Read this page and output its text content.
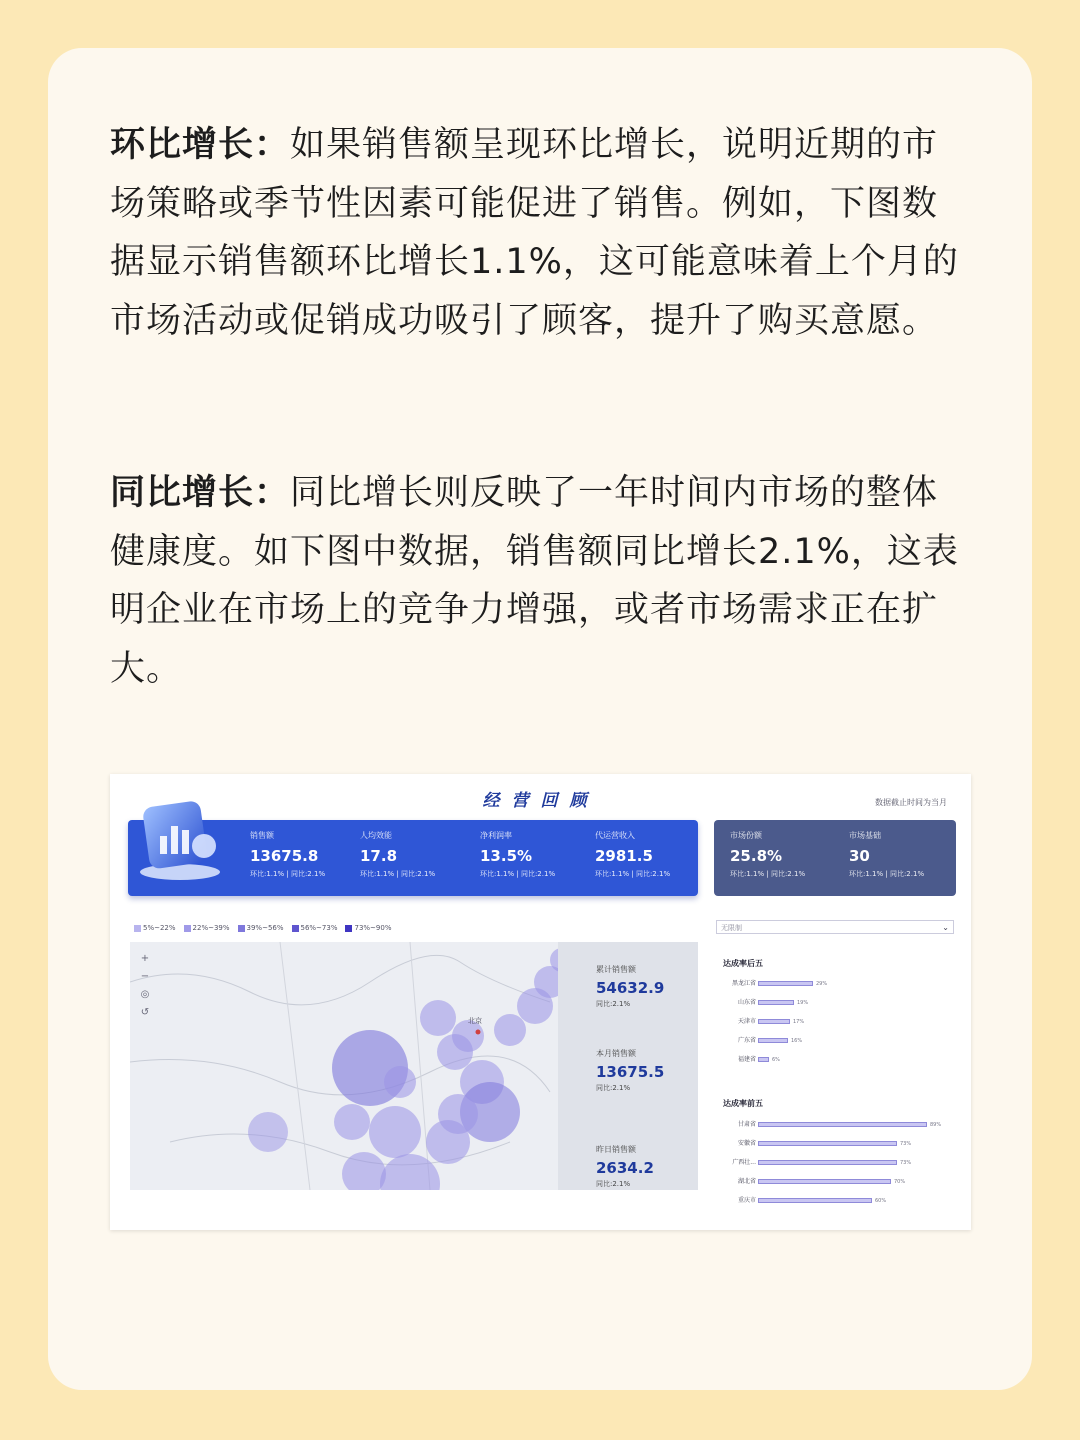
环比增长：如果销售额呈现环比增长，说明近期的市场策略或季节性因素可能促进了销售。例如，下图数据显示销售额环比增长1.1%，这可能意味着上个月的市场活动或促销成功吸引了顾客，提升了购买意愿。

同比增长：同比增长则反映了一年时间内市场的整体健康度。如下图中数据，销售额同比增长2.1%，这表明企业在市场上的竞争力增强，或者市场需求正在扩大。

经营回顾	数据截止时间为当月
销售额
13675.8
环比:1.1% | 同比:2.1%
人均效能
17.8
环比:1.1% | 同比:2.1%
净利润率
13.5%
环比:1.1% | 同比:2.1%
代运营收入
2981.5
环比:1.1% | 同比:2.1%
市场份额
25.8%
环比:1.1% | 同比:2.1%
市场基础
30
环比:1.1% | 同比:2.1%
5%~22% 22%~39% 39%~56% 56%~73% 73%~90%
北京
+
−
◎
↺
累计销售额
54632.9
同比:2.1%
本月销售额
13675.5
同比:2.1%
昨日销售额
2634.2
同比:2.1%
无限制	⌄
达成率后五
黑龙江省	29%
山东省	19%
天津市	17%
广东省	16%
福建省	6%
达成率前五
甘肃省	89%
安徽省	73%
广西壮...	73%
湖北省	70%
重庆市	60%
